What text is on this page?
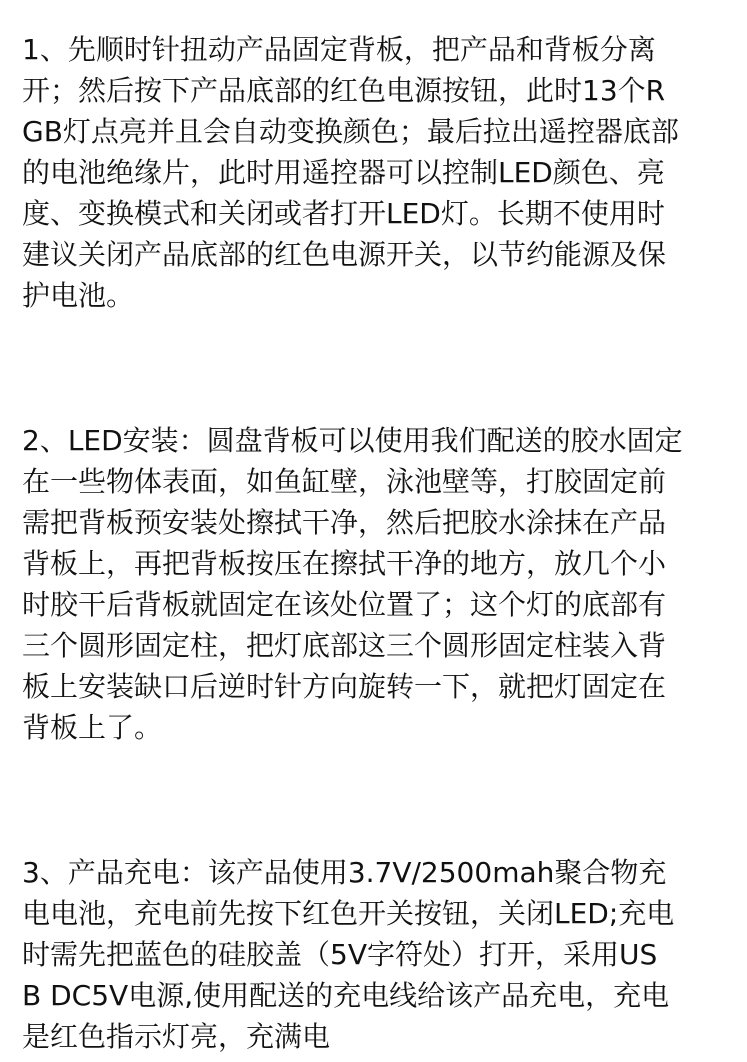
1、先顺时针扭动产品固定背板，把产品和背板分离
开；然后按下产品底部的红色电源按钮，此时13个R
GB灯点亮并且会自动变换颜色；最后拉出遥控器底部
的电池绝缘片，此时用遥控器可以控制LED颜色、亮
度、变换模式和关闭或者打开LED灯。长期不使用时
建议关闭产品底部的红色电源开关，以节约能源及保
护电池。
2、LED安装：圆盘背板可以使用我们配送的胶水固定
在一些物体表面，如鱼缸壁，泳池壁等，打胶固定前
需把背板预安装处擦拭干净，然后把胶水涂抹在产品
背板上，再把背板按压在擦拭干净的地方，放几个小
时胶干后背板就固定在该处位置了；这个灯的底部有
三个圆形固定柱，把灯底部这三个圆形固定柱装入背
板上安装缺口后逆时针方向旋转一下，就把灯固定在
背板上了。
3、产品充电：该产品使用3.7V/2500mah聚合物充
电电池，充电前先按下红色开关按钮，关闭LED;充电
时需先把蓝色的硅胶盖（5V字符处）打开，采用US
B DC5V电源,使用配送的充电线给该产品充电，充电
是红色指示灯亮，充满电
